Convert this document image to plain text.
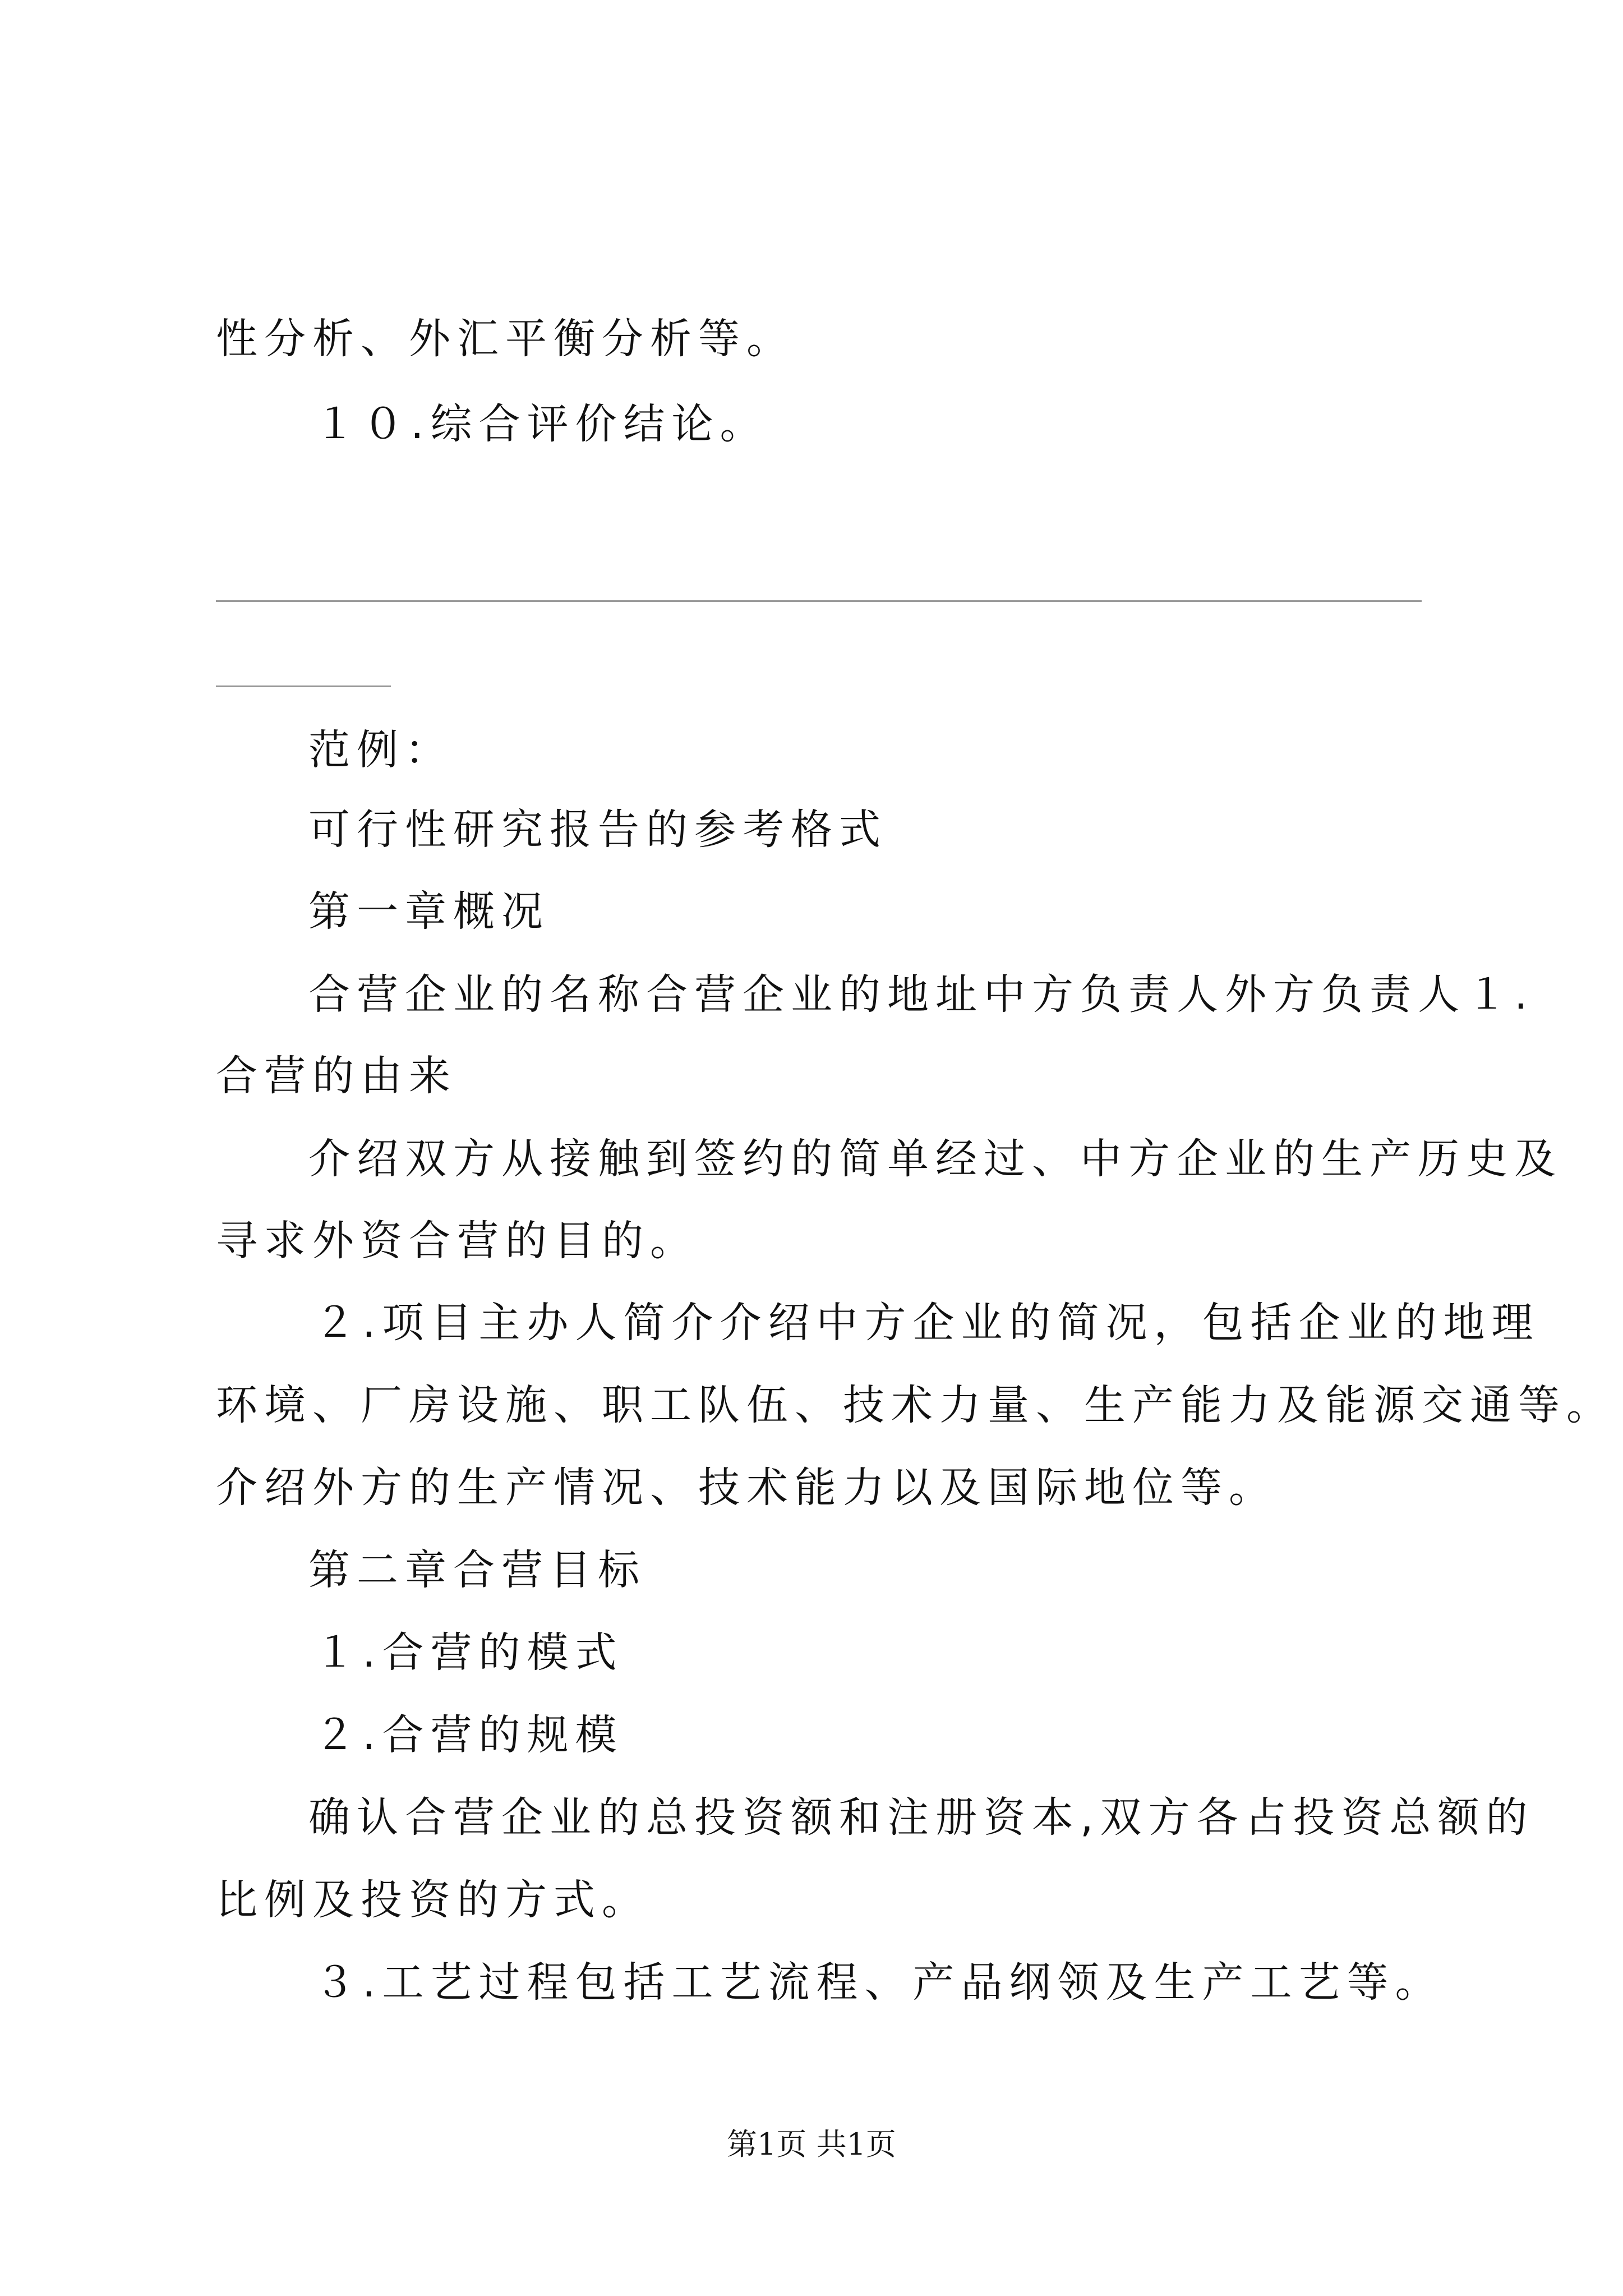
性分析、外汇平衡分析等。
１０.综合评价结论。
范例：
可行性研究报告的参考格式
第一章概况
合营企业的名称合营企业的地址中方负责人外方负责人１.
合营的由来
介绍双方从接触到签约的简单经过、中方企业的生产历史及
寻求外资合营的目的。
２.项目主办人简介介绍中方企业的简况，包括企业的地理
环境、厂房设施、职工队伍、技术力量、生产能力及能源交通等。
介绍外方的生产情况、技术能力以及国际地位等。
第二章合营目标
１.合营的模式
２.合营的规模
确认合营企业的总投资额和注册资本,双方各占投资总额的
比例及投资的方式。
３.工艺过程包括工艺流程、产品纲领及生产工艺等。
第1页 共1页
